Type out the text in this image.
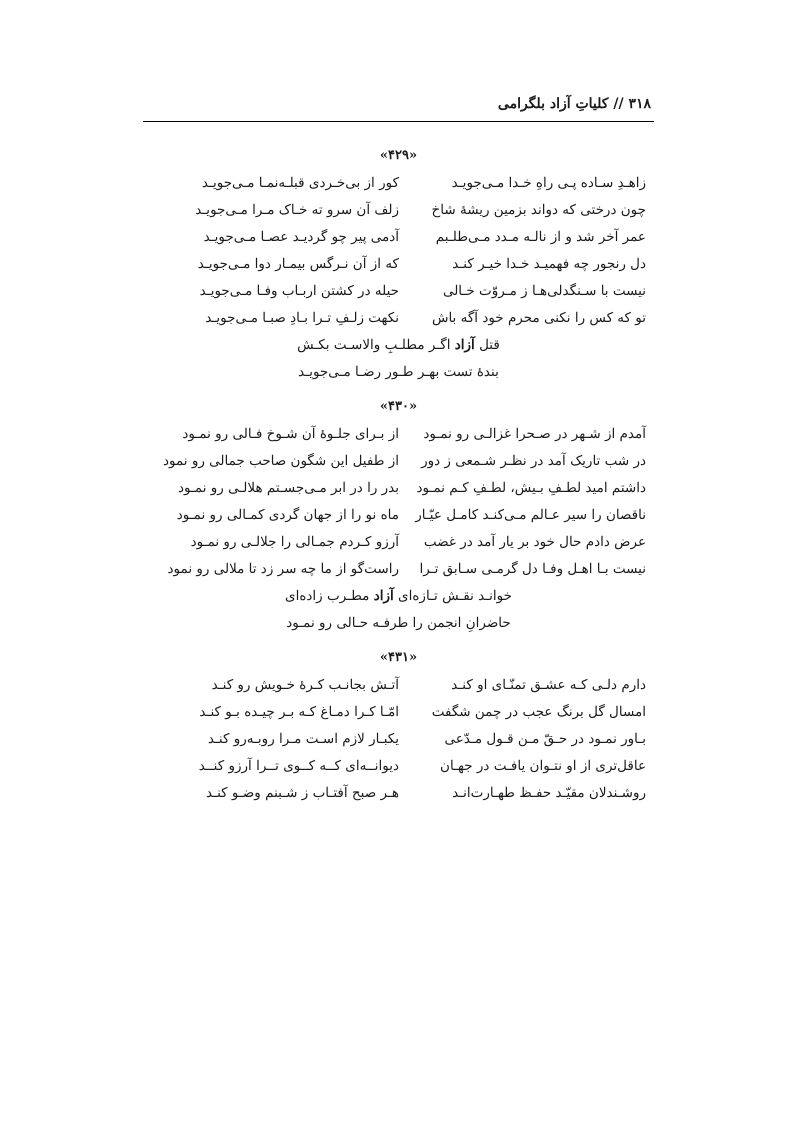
۳۱۸ // کلیاتِ آزاد بلگرامی
«۴۲۹»
زاهـدِ سـاده پـی راهِ خـدا مـی‌جویـد
کور از بی‌خـردی قبلـه‌نمـا مـی‌جویـد
چون درختی که دواند بزمین ریشهٔ شاخ
زلف آن سرو ته خـاک مـرا مـی‌جویـد
عمر آخر شد و از نالـه مـدد مـی‌طلـبم
آدمی پیر چو گردیـد عصـا مـی‌جویـد
دل رنجور چه فهمیـد خـدا خیـر کنـد
که از آن نـرگس بیمـار دوا مـی‌جویـد
نیست با سـنگدلی‌هـا ز مـروّت خـالی
حیله در کشتن اربـاب وفـا مـی‌جویـد
تو که کس را نکنی محرم خود آگه باش
نکهت زلـفِ تـرا بـادِ صبـا مـی‌جویـد
قتل آزاد اگـر مطلـبِ والاسـت بکـش
بندهٔ تست بهـر طـور رضـا مـی‌جویـد
«۴۳۰»
آمدم از شـهر در صـحرا غزالـی رو نمـود
از بـرای جلـوهٔ آن شـوخ فـالی رو نمـود
در شب تاریک آمد در نظـر شـمعی ز دور
از طفیل این شگون صاحب جمالی رو نمود
داشتم امید لطـفِ بـیش، لطـفِ کـم نمـود
بدر را در ابر مـی‌جسـتم هلالـی رو نمـود
ناقصان را سیر عـالم مـی‌کنـد کامـل عیّـار
ماه نو را از جهان گردی کمـالی رو نمـود
عرض دادم حال خود بر یار آمد در غضب
آرزو کـردم جمـالی را جلالـی رو نمـود
نیست بـا اهـل وفـا دل گرمـی سـابق تـرا
راست‌گو از ما چه سر زد تا ملالی رو نمود
خوانـد نقـش تـازه‌ای آزاد مطـرب زاده‌ای
حاضرانِ انجمن را طرفـه حـالی رو نمـود
«۴۳۱»
دارم دلـی کـه عشـق تمنّـای او کنـد
آتـش بجانـب کـرهٔ خـویش رو کنـد
امسال گل برنگ عجب در چمن شگفت
امّـا کـرا دمـاغ کـه بـر چیـده بـو کنـد
بـاور نمـود در حـقّ مـن قـول مـدّعی
یکبـار لازم اسـت مـرا روبـه‌رو کنـد
عاقل‌تری از او نتـوان یافـت در جهـان
دیوانــه‌ای کــه کــوی تــرا آرزو کنــد
روشـندلان مقیّـد حفـظ طهـارت‌انـد
هـر صبح آفتـاب ز شـبنم وضـو کنـد
